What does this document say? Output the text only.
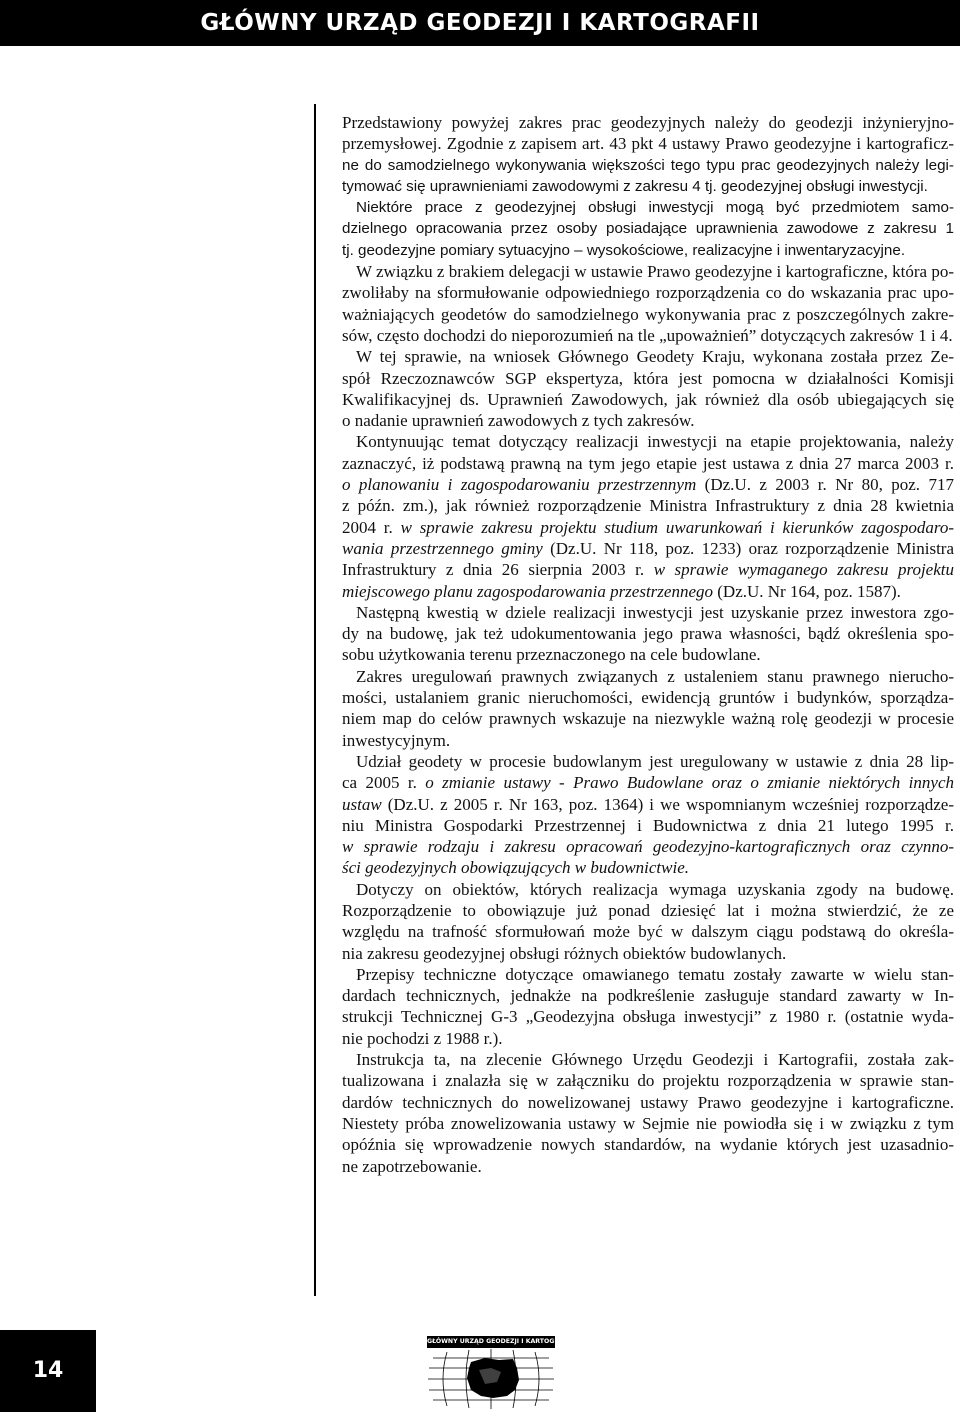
GŁÓWNY URZĄD GEODEZJI I KARTOGRAFII
Przedstawiony powyżej zakres prac geodezyjnych należy do geodezji inżynieryjno-
przemysłowej. Zgodnie z zapisem art. 43 pkt 4 ustawy Prawo geodezyjne i kartograficz-
ne do samodzielnego wykonywania większości tego typu prac geodezyjnych należy legi-
tymować się uprawnieniami zawodowymi z zakresu 4 tj. geodezyjnej obsługi inwestycji.
Niektóre prace z geodezyjnej obsługi inwestycji mogą być przedmiotem samo-
dzielnego opracowania przez osoby posiadające uprawnienia zawodowe z zakresu 1
tj. geodezyjne pomiary sytuacyjno – wysokościowe, realizacyjne i inwentaryzacyjne.
W związku z brakiem delegacji w ustawie Prawo geodezyjne i kartograficzne, która po-
zwoliłaby na sformułowanie odpowiedniego rozporządzenia co do wskazania prac upo-
ważniających geodetów do samodzielnego wykonywania prac z poszczególnych zakre-
sów, często dochodzi do nieporozumień na tle „upoważnień” dotyczących zakresów 1 i 4.
W tej sprawie, na wniosek Głównego Geodety Kraju, wykonana została przez Ze-
spół Rzeczoznawców SGP ekspertyza, która jest pomocna w działalności Komisji
Kwalifikacyjnej ds. Uprawnień Zawodowych, jak również dla osób ubiegających się
o nadanie uprawnień zawodowych z tych zakresów.
Kontynuując temat dotyczący realizacji inwestycji na etapie projektowania, należy
zaznaczyć, iż podstawą prawną na tym jego etapie jest ustawa z dnia 27 marca 2003 r.
o planowaniu i zagospodarowaniu przestrzennym (Dz.U. z 2003 r. Nr 80, poz. 717
z późn. zm.), jak również rozporządzenie Ministra Infrastruktury z dnia 28 kwietnia
2004 r. w sprawie zakresu projektu studium uwarunkowań i kierunków zagospodaro-
wania przestrzennego gminy (Dz.U. Nr 118, poz. 1233) oraz rozporządzenie Ministra
Infrastruktury z dnia 26 sierpnia 2003 r. w sprawie wymaganego zakresu projektu
miejscowego planu zagospodarowania przestrzennego (Dz.U. Nr 164, poz. 1587).
Następną kwestią w dziele realizacji inwestycji jest uzyskanie przez inwestora zgo-
dy na budowę, jak też udokumentowania jego prawa własności, bądź określenia spo-
sobu użytkowania terenu przeznaczonego na cele budowlane.
Zakres uregulowań prawnych związanych z ustaleniem stanu prawnego nierucho-
mości, ustalaniem granic nieruchomości, ewidencją gruntów i budynków, sporządza-
niem map do celów prawnych wskazuje na niezwykle ważną rolę geodezji w procesie
inwestycyjnym.
Udział geodety w procesie budowlanym jest uregulowany w ustawie z dnia 28 lip-
ca 2005 r. o zmianie ustawy - Prawo Budowlane oraz o zmianie niektórych innych
ustaw (Dz.U. z 2005 r. Nr 163, poz. 1364) i we wspomnianym wcześniej rozporządze-
niu Ministra Gospodarki Przestrzennej i Budownictwa z dnia 21 lutego 1995 r.
w sprawie rodzaju i zakresu opracowań geodezyjno-kartograficznych oraz czynno-
ści geodezyjnych obowiązujących w budownictwie.
Dotyczy on obiektów, których realizacja wymaga uzyskania zgody na budowę.
Rozporządzenie to obowiązuje już ponad dziesięć lat i można stwierdzić, że ze
względu na trafność sformułowań może być w dalszym ciągu podstawą do określa-
nia zakresu geodezyjnej obsługi różnych obiektów budowlanych.
Przepisy techniczne dotyczące omawianego tematu zostały zawarte w wielu stan-
dardach technicznych, jednakże na podkreślenie zasługuje standard zawarty w In-
strukcji Technicznej G-3 „Geodezyjna obsługa inwestycji” z 1980 r. (ostatnie wyda-
nie pochodzi z 1988 r.).
Instrukcja ta, na zlecenie Głównego Urzędu Geodezji i Kartografii, została zak-
tualizowana i znalazła się w załączniku do projektu rozporządzenia w sprawie stan-
dardów technicznych do nowelizowanej ustawy Prawo geodezyjne i kartograficzne.
Niestety próba znowelizowania ustawy w Sejmie nie powiodła się i w związku z tym
opóźnia się wprowadzenie nowych standardów, na wydanie których jest uzasadnio-
ne zapotrzebowanie.
14
GŁÓWNY URZĄD GEODEZJI I KARTOGRAFII
